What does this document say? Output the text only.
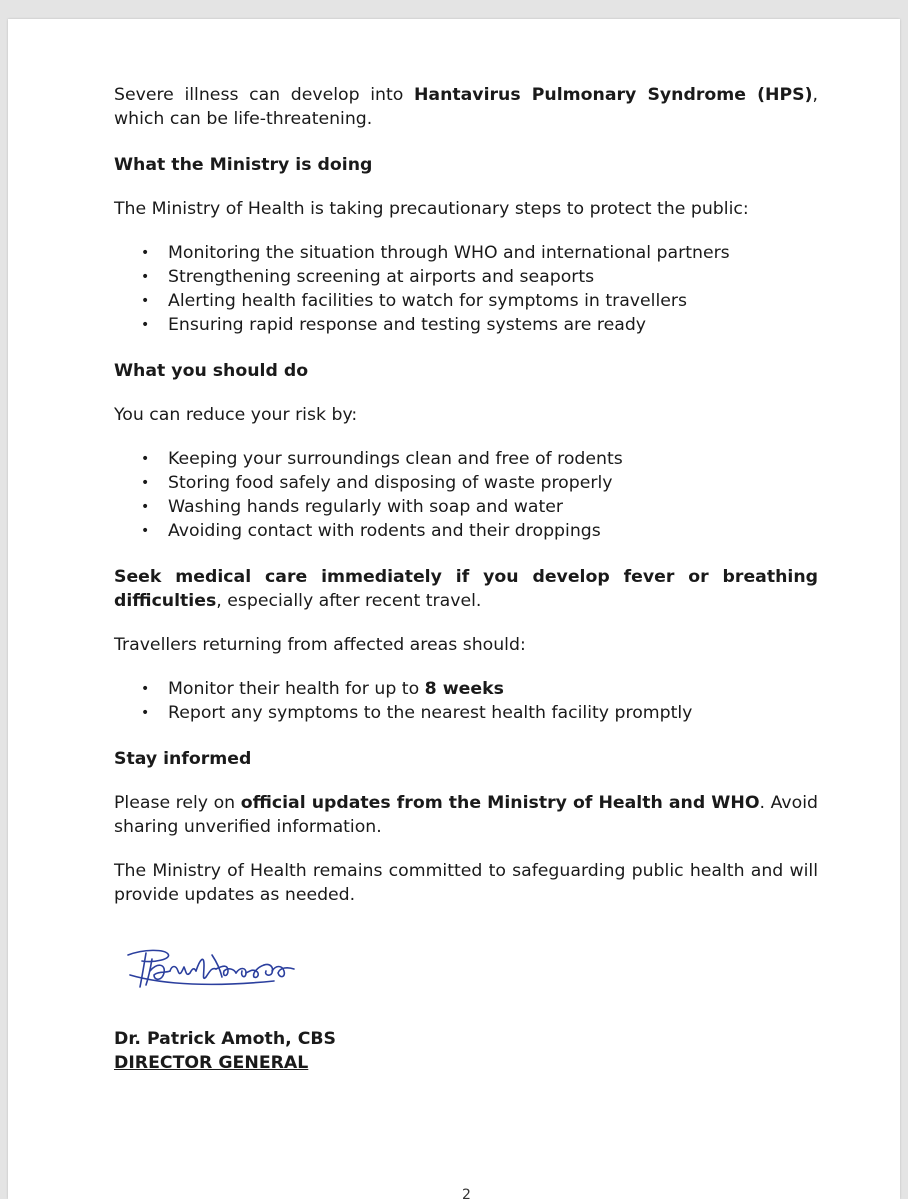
Severe illness can develop into Hantavirus Pulmonary Syndrome (HPS), which can be life-threatening.

What the Ministry is doing

The Ministry of Health is taking precautionary steps to protect the public:

• Monitoring the situation through WHO and international partners
• Strengthening screening at airports and seaports
• Alerting health facilities to watch for symptoms in travellers
• Ensuring rapid response and testing systems are ready

What you should do

You can reduce your risk by:

• Keeping your surroundings clean and free of rodents
• Storing food safely and disposing of waste properly
• Washing hands regularly with soap and water
• Avoiding contact with rodents and their droppings

Seek medical care immediately if you develop fever or breathing difficulties, especially after recent travel.

Travellers returning from affected areas should:

• Monitor their health for up to 8 weeks
• Report any symptoms to the nearest health facility promptly

Stay informed

Please rely on official updates from the Ministry of Health and WHO. Avoid sharing unverified information.

The Ministry of Health remains committed to safeguarding public health and will provide updates as needed.

Dr. Patrick Amoth, CBS

DIRECTOR GENERAL

2
